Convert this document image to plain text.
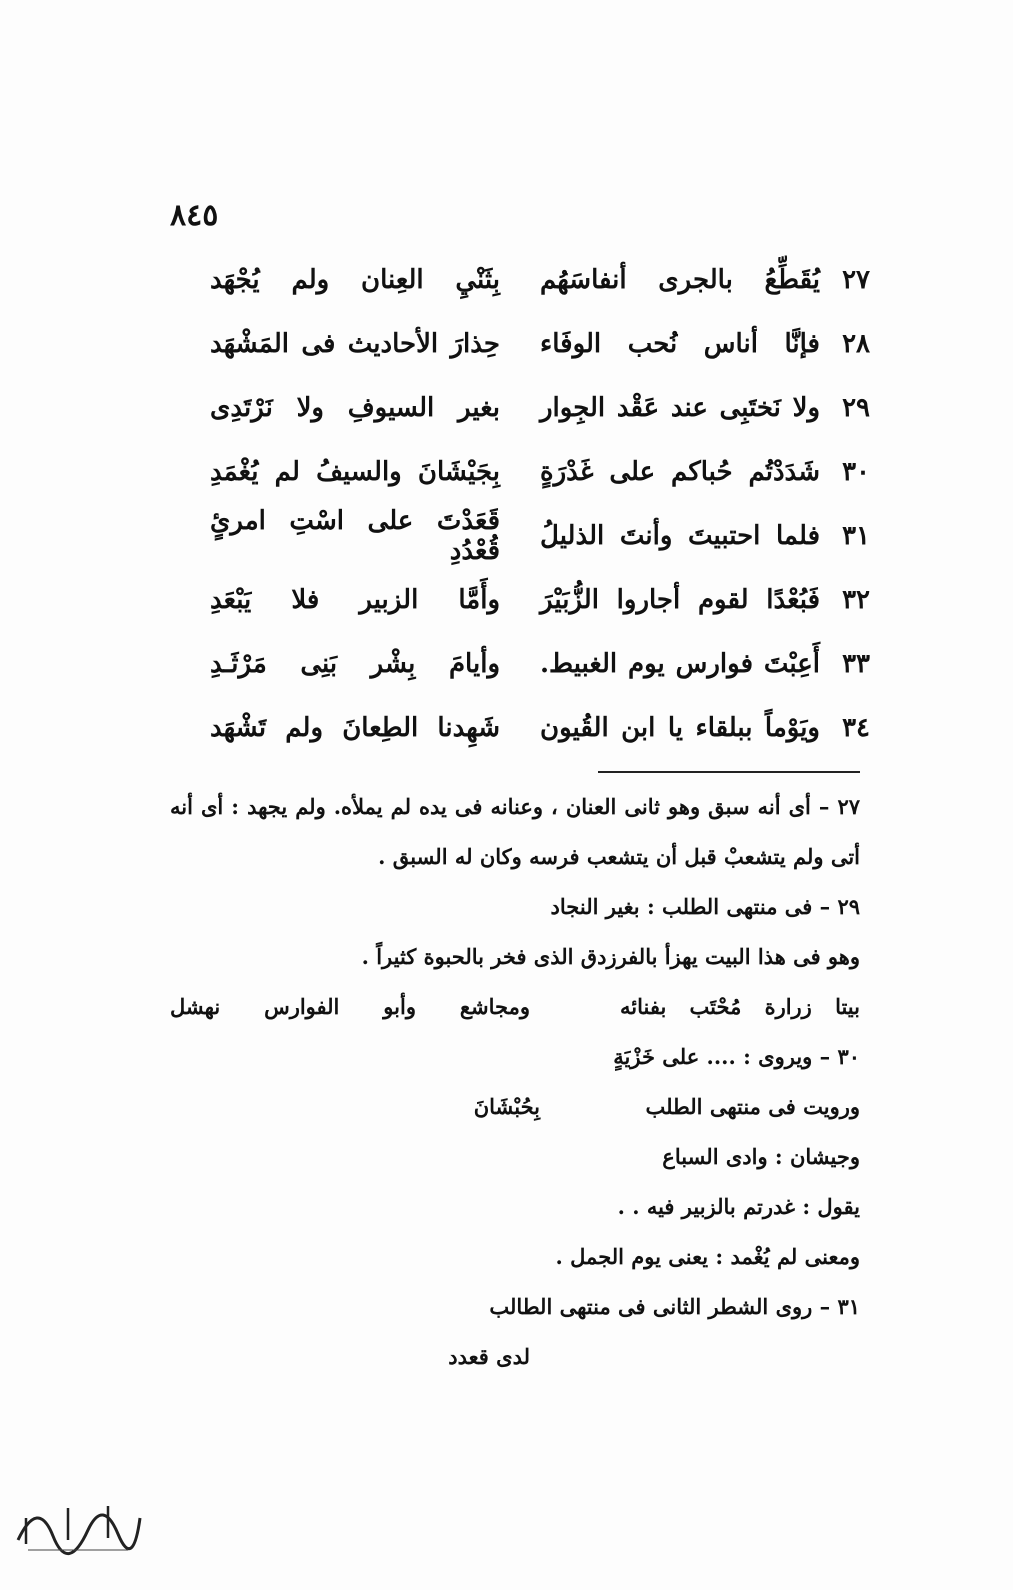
٨٤٥
٢٧
يُقَطِّعُ بالجرى أنفاسَهُم
بِثَنْيِ العِنان ولم يُجْهَد
٢٨
فإنَّا أناس نُحب الوفَاء
حِذارَ الأحاديث فى المَشْهَد
٢٩
ولا نَختَبِى عند عَقْد الجِوار
بغير السيوفِ ولا نَرْتَدِى
٣٠
شَدَدْتُم حُباكم على غَدْرَةٍ
بِجَيْشَانَ والسيفُ لم يُغْمَدِ
٣١
فلما احتبيتَ وأنتَ الذليلُ
قَعَدْتَ على اسْتِ امرئٍ قُعْدُدِ
٣٢
فَبُعْدًا لقوم أجاروا الزُّبَيْرَ
وأَمَّا الزبير فلا يَبْعَدِ
٣٣
أَعِبْتَ فوارس يوم الغبيط.
وأيامَ بِشْر بَنِى مَرْثَـدِ
٣٤
ويَوْماً ببلقاء يا ابن القُيون
شَهِدنا الطِعانَ ولم تَشْهَد
٢٧ – أى أنه سبق وهو ثانى العنان ، وعنانه فى يده لم يملأه. ولم يجهد : أى أنه
أتى ولم يتشعبْ قبل أن يتشعب فرسه وكان له السبق .
٢٩ – فى منتهى الطلب : بغير النجاد
وهو فى هذا البيت يهزأ بالفرزدق الذى فخر بالحبوة كثيراً .
بيتا زرارة مُحْتَب بفنائه
ومجاشع وأبو الفوارس نهشل
٣٠ – ويروى : .... على خَزْيَةٍ
ورويت فى منتهى الطلب
بِحُبْشَانَ
وجيشان : وادى السباع
يقول : غدرتم بالزبير فيه . .
ومعنى لم يُغْمد : يعنى يوم الجمل .
٣١ – روى الشطر الثانى فى منتهى الطالب
لدى قعدد
